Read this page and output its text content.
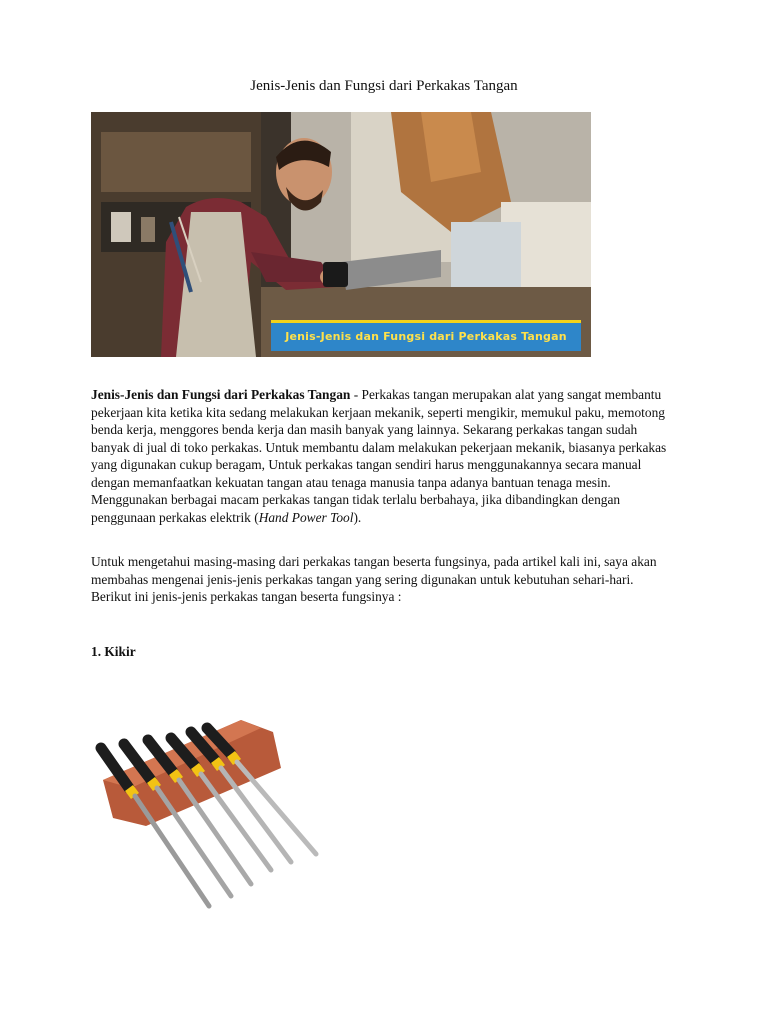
Jenis-Jenis dan Fungsi dari Perkakas Tangan
Jenis-Jenis dan Fungsi dari Perkakas Tangan

Jenis-Jenis dan Fungsi dari Perkakas Tangan - Perkakas tangan merupakan alat yang sangat membantu pekerjaan kita ketika kita sedang melakukan kerjaan mekanik, seperti mengikir, memukul paku, memotong benda kerja, menggores benda kerja dan masih banyak yang lainnya. Sekarang perkakas tangan sudah banyak di jual di toko perkakas. Untuk membantu dalam melakukan pekerjaan mekanik, biasanya perkakas yang digunakan cukup beragam, Untuk perkakas tangan sendiri harus menggunakannya secara manual dengan memanfaatkan kekuatan tangan atau tenaga manusia tanpa adanya bantuan tenaga mesin. Menggunakan berbagai macam perkakas tangan tidak terlalu berbahaya, jika dibandingkan dengan penggunaan perkakas elektrik (Hand Power Tool).

Untuk mengetahui masing-masing dari perkakas tangan beserta fungsinya, pada artikel kali ini, saya akan membahas mengenai jenis-jenis perkakas tangan yang sering digunakan untuk kebutuhan sehari-hari. Berikut ini jenis-jenis perkakas tangan beserta fungsinya :

1. Kikir
